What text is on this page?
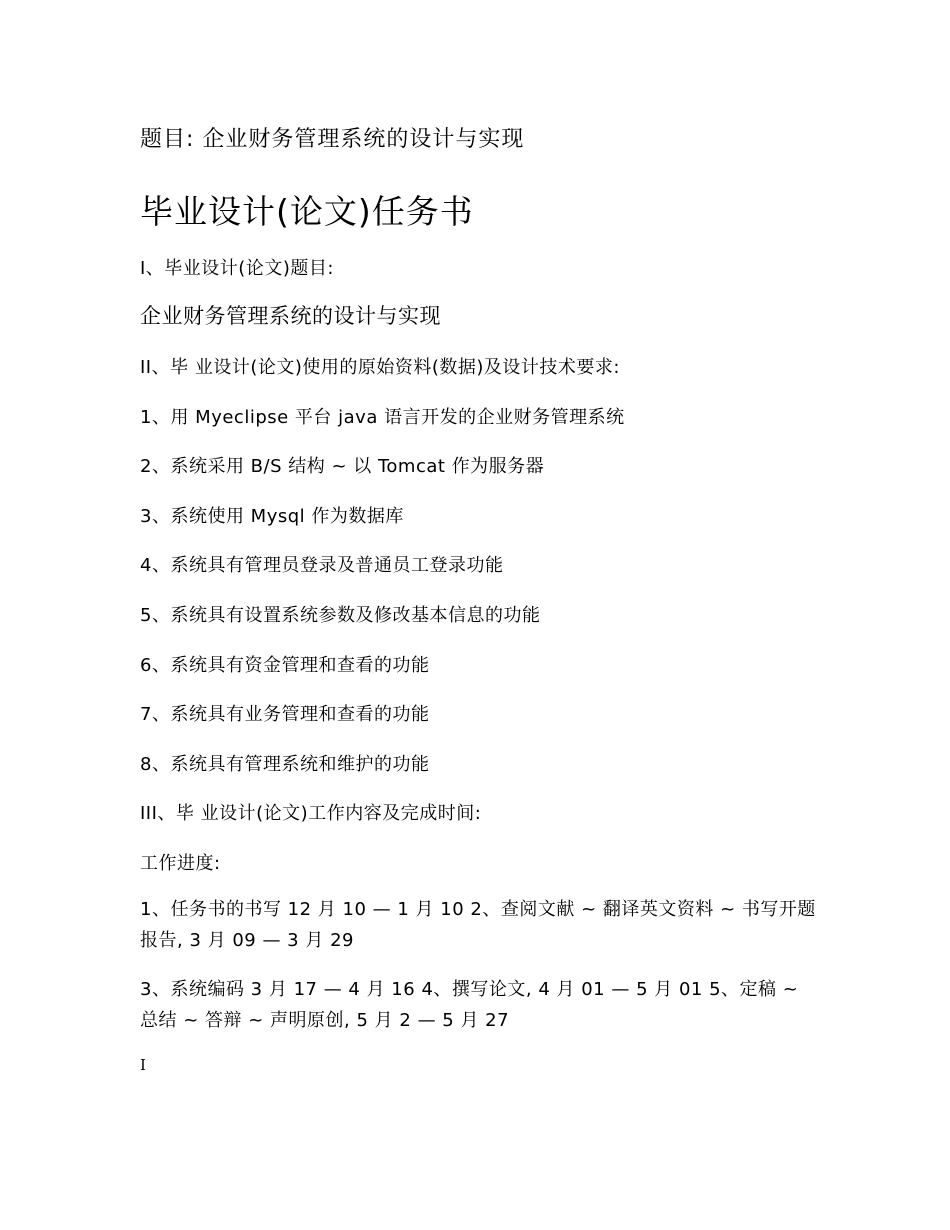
题目: 企业财务管理系统的设计与实现
毕业设计(论文)任务书
I、毕业设计(论文)题目:
企业财务管理系统的设计与实现
II、毕 业设计(论文)使用的原始资料(数据)及设计技术要求:
1、用 Myeclipse 平台 java 语言开发的企业财务管理系统
2、系统采用 B/S 结构 ~ 以 Tomcat 作为服务器
3、系统使用 Mysql 作为数据库
4、系统具有管理员登录及普通员工登录功能
5、系统具有设置系统参数及修改基本信息的功能
6、系统具有资金管理和查看的功能
7、系统具有业务管理和查看的功能
8、系统具有管理系统和维护的功能
III、毕 业设计(论文)工作内容及完成时间:
工作进度:
1、任务书的书写 12 月 10 — 1 月 10 2、查阅文献 ~ 翻译英文资料 ~ 书写开题报告, 3 月 09 — 3 月 29
3、系统编码 3 月 17 — 4 月 16 4、撰写论文, 4 月 01 — 5 月 01 5、定稿 ~ 总结 ~ 答辩 ~ 声明原创, 5 月 2 — 5 月 27
I
